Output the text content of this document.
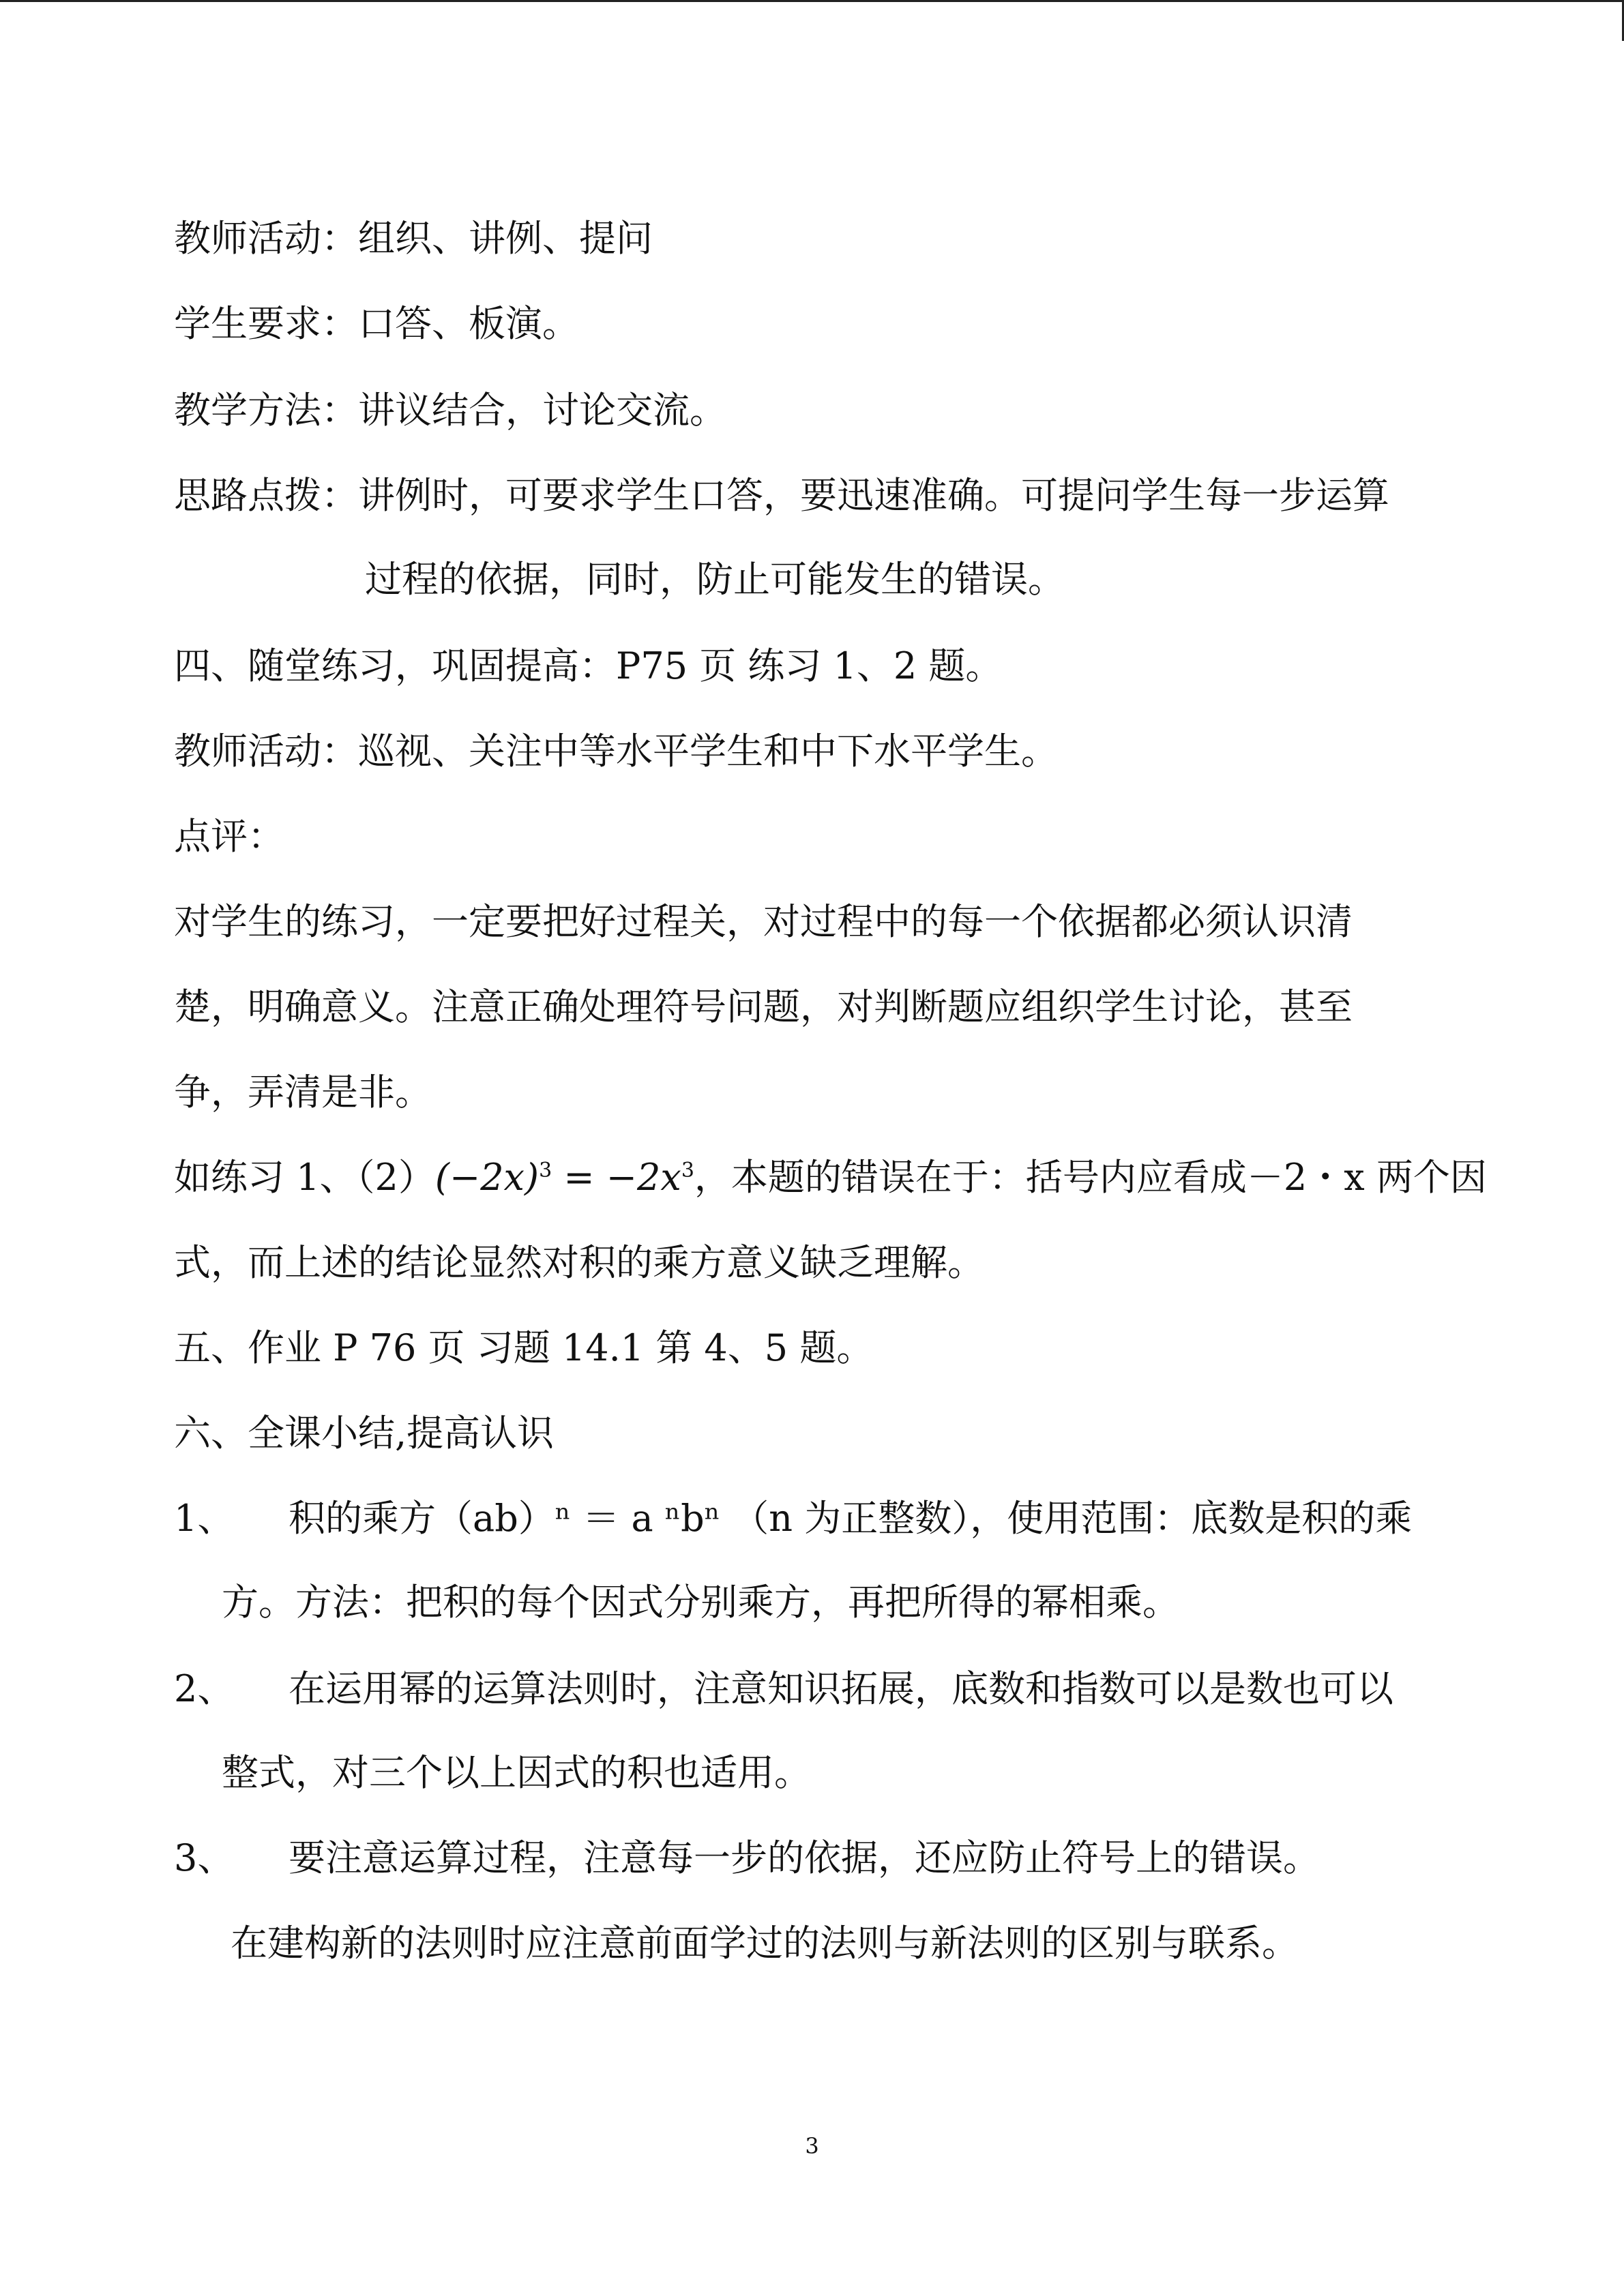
教师活动：组织、讲例、提问
学生要求：口答、板演。
教学方法：讲议结合，讨论交流。
思路点拨：讲例时，可要求学生口答，要迅速准确。可提问学生每一步运算
过程的依据，同时，防止可能发生的错误。
四、随堂练习，巩固提高：P75 页 练习 1、2 题。
教师活动：巡视、关注中等水平学生和中下水平学生。
点评：
对学生的练习，一定要把好过程关，对过程中的每一个依据都必须认识清
楚，明确意义。注意正确处理符号问题，对判断题应组织学生讨论，甚至
争，弄清是非。
如练习 1、$(2)(-2x)^3 = -2x^3$，本题的错误在于：括号内应看成－2・x 两个因
式，而上述的结论显然对积的乘方意义缺乏理解。
五、作业 P 76 页 习题 14.1 第 4、5 题。
六、全课小结,提高认识
1、 积的乘方（ab）ⁿ ＝ a ⁿbⁿ （n 为正整数），使用范围：底数是积的乘
方。方法：把积的每个因式分别乘方，再把所得的幂相乘。
2、 在运用幂的运算法则时，注意知识拓展，底数和指数可以是数也可以
整式，对三个以上因式的积也适用。
3、 要注意运算过程，注意每一步的依据，还应防止符号上的错误。
在建构新的法则时应注意前面学过的法则与新法则的区别与联系。
3
